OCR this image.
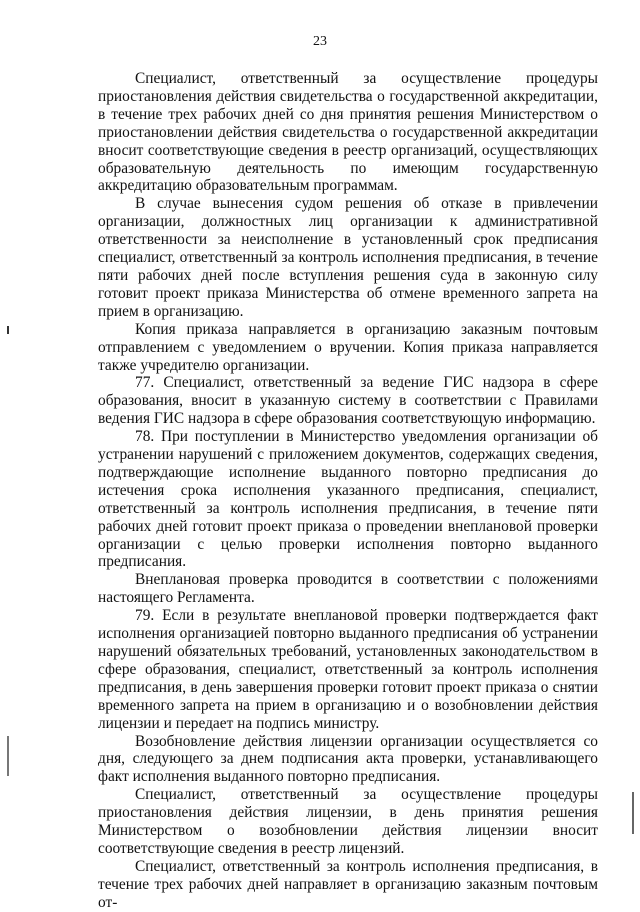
23

Специалист, ответственный за осуществление процедуры приостановления действия свидетельства о государственной аккредитации, в течение трех рабочих дней со дня принятия решения Министерством о приостановлении действия свидетельства о государственной аккредитации вносит соответствующие сведения в реестр организаций, осуществляющих образовательную деятельность по имеющим государственную аккредитацию образовательным программам.

В случае вынесения судом решения об отказе в привлечении организации, должностных лиц организации к административной ответственности за неисполнение в установленный срок предписания специалист, ответственный за контроль исполнения предписания, в течение пяти рабочих дней после вступления решения суда в законную силу готовит проект приказа Министерства об отмене временного запрета на прием в организацию.

Копия приказа направляется в организацию заказным почтовым отправлением с уведомлением о вручении. Копия приказа направляется также учредителю организации.

77. Специалист, ответственный за ведение ГИС надзора в сфере образования, вносит в указанную систему в соответствии с Правилами ведения ГИС надзора в сфере образования соответствующую информацию.

78. При поступлении в Министерство уведомления организации об устранении нарушений с приложением документов, содержащих сведения, подтверждающие исполнение выданного повторно предписания до истечения срока исполнения указанного предписания, специалист, ответственный за контроль исполнения предписания, в течение пяти рабочих дней готовит проект приказа о проведении внеплановой проверки организации с целью проверки исполнения повторно выданного предписания.

Внеплановая проверка проводится в соответствии с положениями настоящего Регламента.

79. Если в результате внеплановой проверки подтверждается факт исполнения организацией повторно выданного предписания об устранении нарушений обязательных требований, установленных законодательством в сфере образования, специалист, ответственный за контроль исполнения предписания, в день завершения проверки готовит проект приказа о снятии временного запрета на прием в организацию и о возобновлении действия лицензии и передает на подпись министру.

Возобновление действия лицензии организации осуществляется со дня, следующего за днем подписания акта проверки, устанавливающего факт исполнения выданного повторно предписания.

Специалист, ответственный за осуществление процедуры приостановления действия лицензии, в день принятия решения Министерством о возобновлении действия лицензии вносит соответствующие сведения в реестр лицензий.

Специалист, ответственный за контроль исполнения предписания, в течение трех рабочих дней направляет в организацию заказным почтовым от-
